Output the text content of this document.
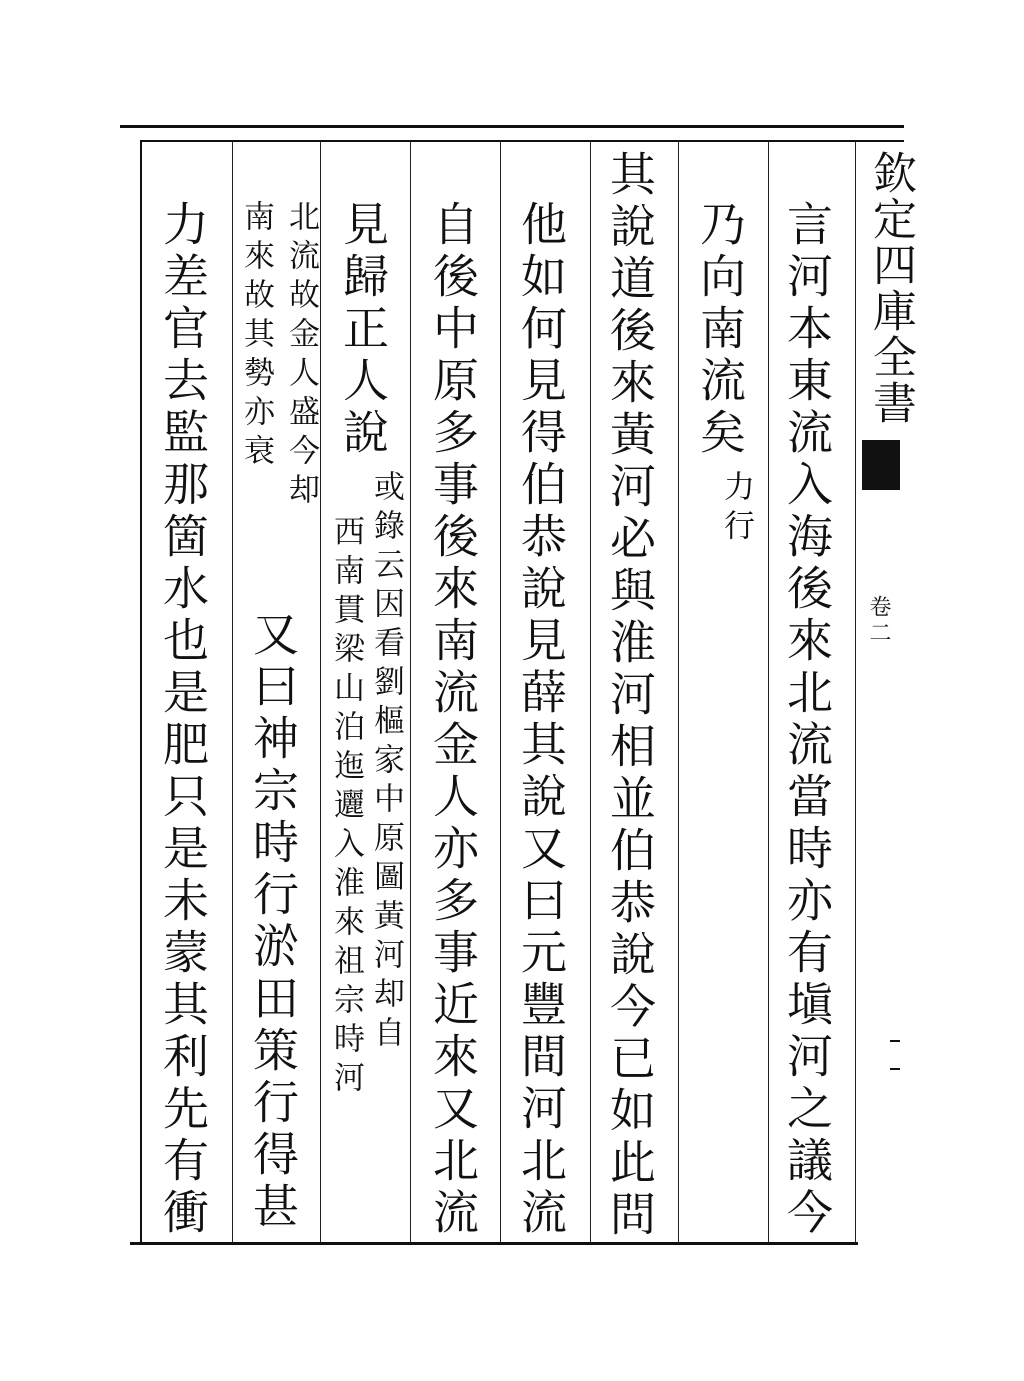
欽定四庫全書
卷二
言河本東流入海後來北流當時亦有塡河之議今
乃向南流矣
力行
其說道後來黃河必與淮河相並伯恭說今已如此問
他如何見得伯恭說見薛其說又曰元豐間河北流
自後中原多事後來南流金人亦多事近來又北流
見歸正人說
或錄云因看劉樞家中原圖黃河却自
西南貫梁山泊迤邐入淮來祖宗時河
北流故金人盛今却
南來故其勢亦衰
又曰神宗時行淤田策行得甚
力差官去監那箇水也是肥只是未蒙其利先有衝
